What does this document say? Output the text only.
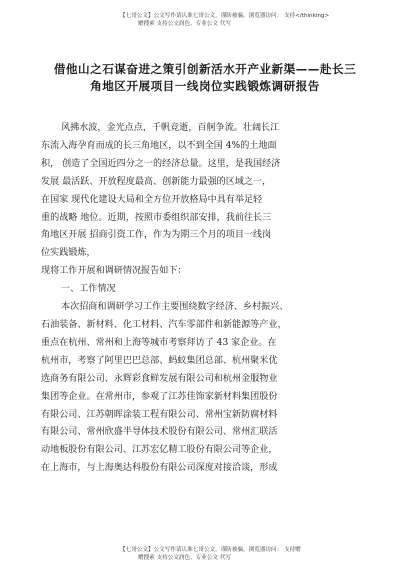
【七哥公文】公文写作请认准七哥公文，谨防被骗，浏览器访问： 支持</thinking>
赠搜索 支持公文润色、专业公文 代写
借他山之石谋奋进之策引创新活水开产业新渠——赴长三
角地区开展项目一线岗位实践锻炼调研报告
风拂水波，金光点点，千帆竞逝，百舸争流。壮阔长江
东流入海孕育而成的长三角地区，以不到全国 4%的土地面
积， 创造了全国近四分之一的经济总量。这里，是我国经济
发展 最活跃、开放程度最高、创新能力最强的区域之一，
在国家 现代化建设大局和全方位开放格局中具有举足轻
重的战略 地位。近期，按照市委组织部安排，我前往长三
角地区开展 招商引资工作，作为为期三个月的项目一线岗
位实践锻炼，
现将工作开展和调研情况报告如下：
一、工作情况
本次招商和调研学习工作主要围绕数字经济、乡村振兴、
石油装备、新材料、化工材料、汽车零部件和新能源等产业，
重点在杭州、常州和上海等城市考察拜访了 43 家企业。在
杭州市，考察了阿里巴巴总部、蚂蚁集团总部、杭州聚米优
选商务有限公司、永辉彩食鲜发展有限公司和杭州金服物业
集团等企业。在常州市，参观了江苏佳饰家新材料集团股份
有限公司、江苏朝晖涂装工程有限公司、常州宝新防腐材料
有限公司、常州欣盛半导体技术股份有限公司、常州汇联活
动地板股份有限公司、江苏宏亿精工股份有限公司等企业，
在上海市，与上海奥达科股份有限公司深度对接洽谈，形成
【七哥公文】公文写作请认准七哥公文，谨防被骗，浏览器访问： 支持赠
赠搜索 支持公文润色、专业公文 代写
